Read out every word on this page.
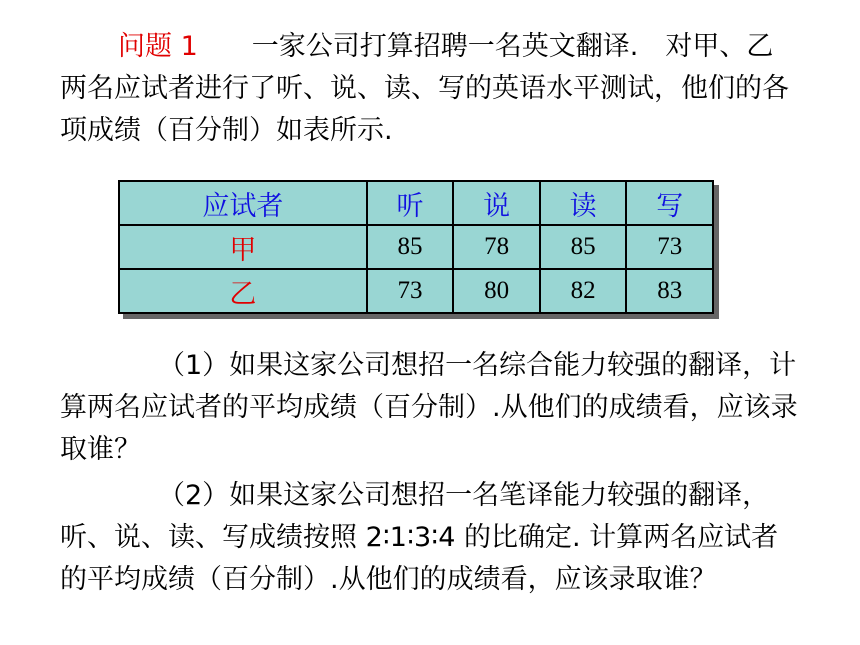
问题 1　　一家公司打算招聘一名英文翻译.　对甲、乙两名应试者进行了听、说、读、写的英语水平测试，他们的各项成绩（百分制）如表所示.

应试者	听	说	读	写
甲	85	78	85	73
乙	73	80	82	83

（1）如果这家公司想招一名综合能力较强的翻译，计算两名应试者的平均成绩（百分制）.从他们的成绩看，应该录取谁？

（2）如果这家公司想招一名笔译能力较强的翻译，听、说、读、写成绩按照 2∶1∶3∶4 的比确定. 计算两名应试者的平均成绩（百分制）.从他们的成绩看，应该录取谁？
